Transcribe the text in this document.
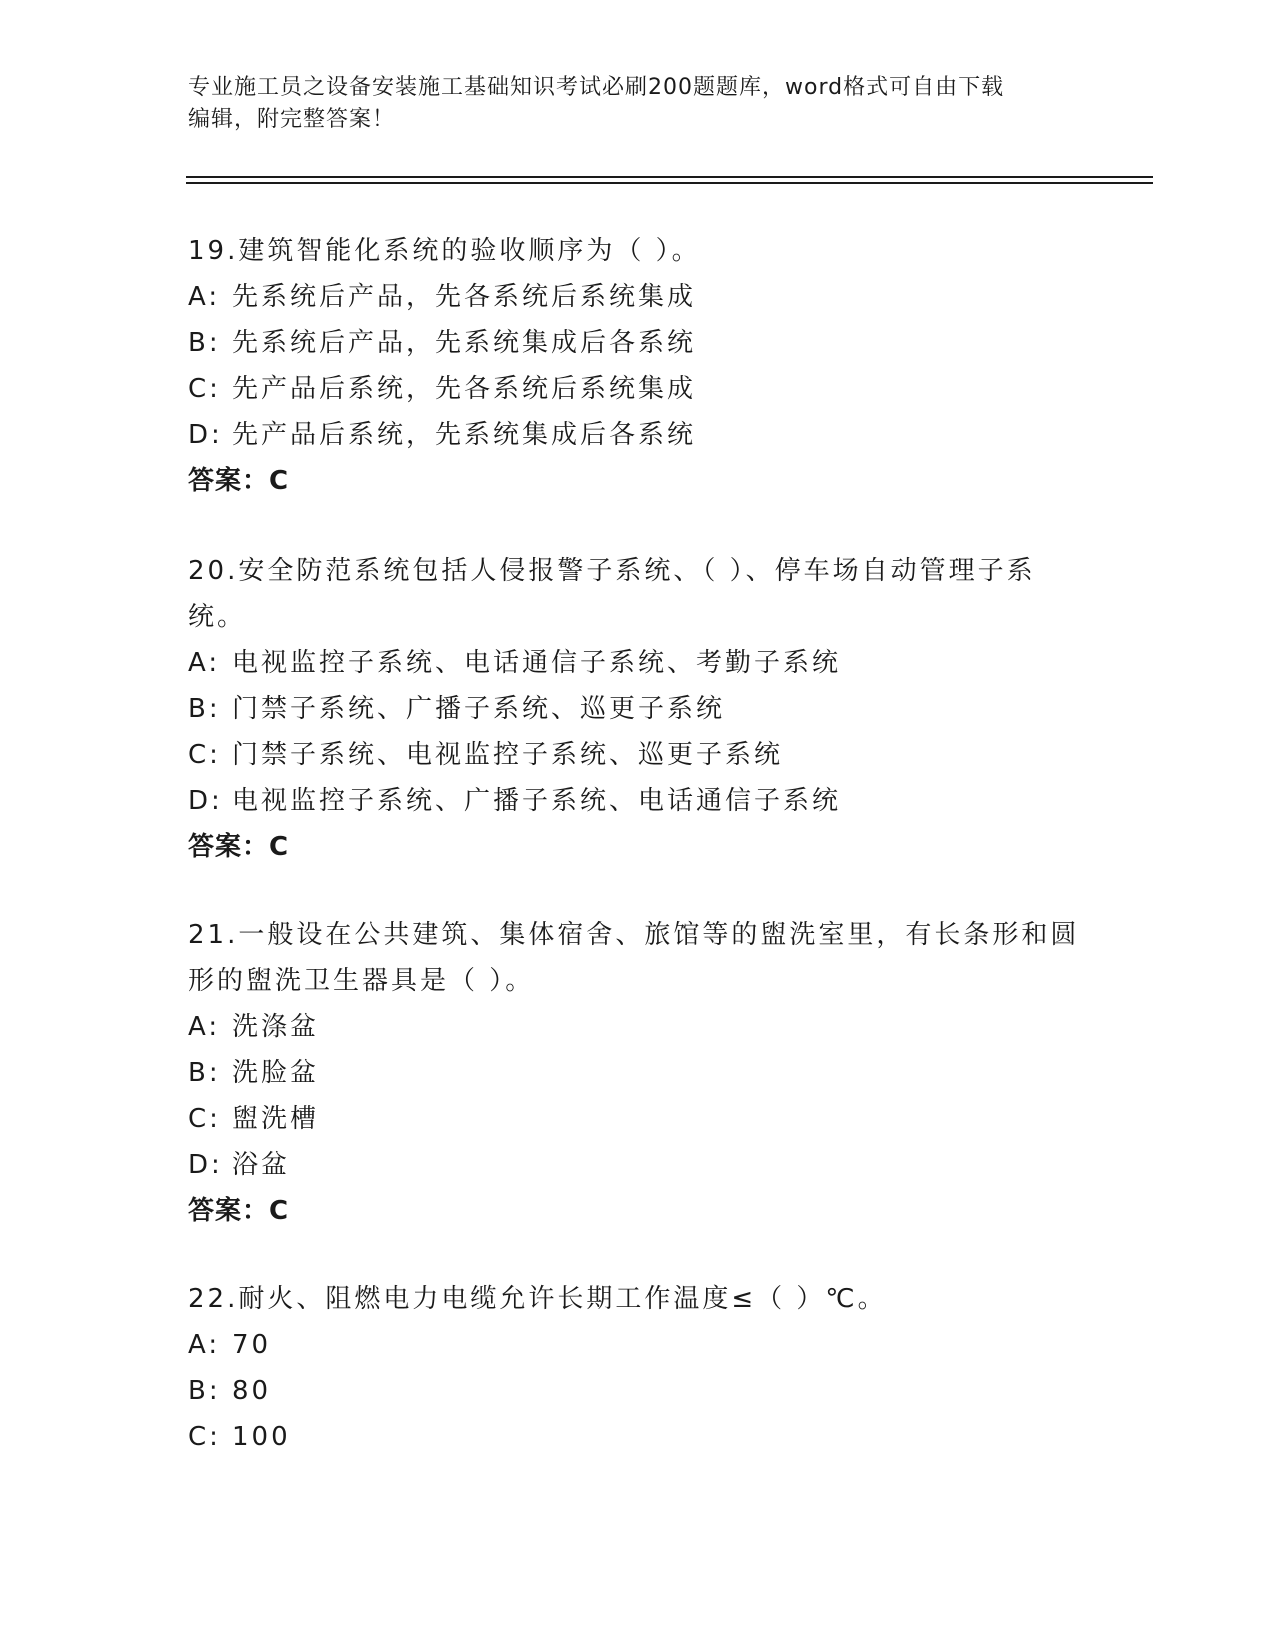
专业施工员之设备安装施工基础知识考试必刷200题题库，word格式可自由下载
编辑，附完整答案！
19.建筑智能化系统的验收顺序为（ ）。
A: 先系统后产品，先各系统后系统集成
B: 先系统后产品，先系统集成后各系统
C: 先产品后系统，先各系统后系统集成
D: 先产品后系统，先系统集成后各系统
答案：C
20.安全防范系统包括人侵报警子系统、（ ）、停车场自动管理子系
统。
A: 电视监控子系统、电话通信子系统、考勤子系统
B: 门禁子系统、广播子系统、巡更子系统
C: 门禁子系统、电视监控子系统、巡更子系统
D: 电视监控子系统、广播子系统、电话通信子系统
答案：C
21.一般设在公共建筑、集体宿舍、旅馆等的盥洗室里，有长条形和圆
形的盥洗卫生器具是（ ）。
A: 洗涤盆
B: 洗脸盆
C: 盥洗槽
D: 浴盆
答案：C
22.耐火、阻燃电力电缆允许长期工作温度≤（ ）℃。
A: 70
B: 80
C: 100
